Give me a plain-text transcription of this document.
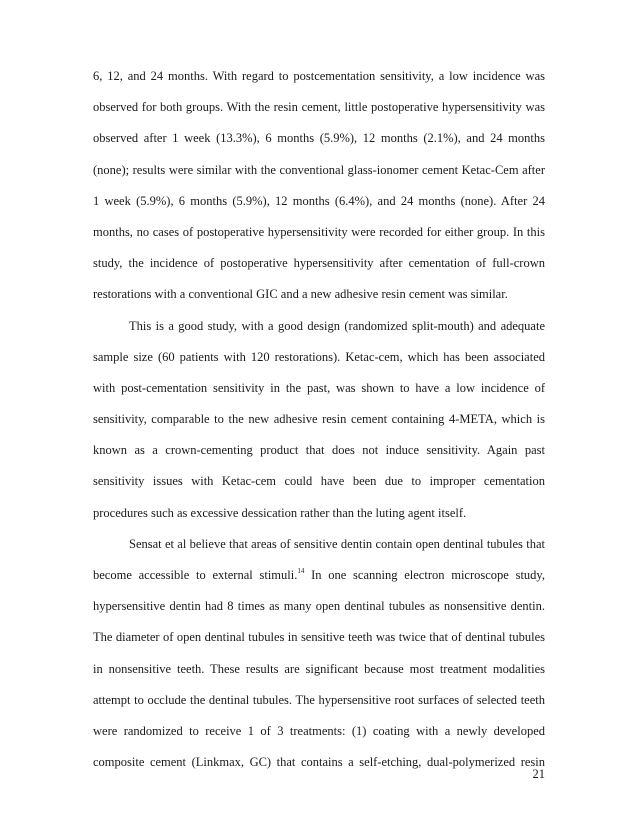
6, 12, and 24 months. With regard to postcementation sensitivity, a low incidence was
observed for both groups. With the resin cement, little postoperative hypersensitivity was
observed after 1 week (13.3%), 6 months (5.9%), 12 months (2.1%), and 24 months
(none); results were similar with the conventional glass-ionomer cement Ketac-Cem after
1 week (5.9%), 6 months (5.9%), 12 months (6.4%), and 24 months (none). After 24
months, no cases of postoperative hypersensitivity were recorded for either group. In this
study, the incidence of postoperative hypersensitivity after cementation of full-crown
restorations with a conventional GIC and a new adhesive resin cement was similar.
This is a good study, with a good design (randomized split-mouth) and adequate
sample size (60 patients with 120 restorations). Ketac-cem, which has been associated
with post-cementation sensitivity in the past, was shown to have a low incidence of
sensitivity, comparable to the new adhesive resin cement containing 4-META, which is
known as a crown-cementing product that does not induce sensitivity. Again past
sensitivity issues with Ketac-cem could have been due to improper cementation
procedures such as excessive dessication rather than the luting agent itself.
Sensat et al believe that areas of sensitive dentin contain open dentinal tubules that
become accessible to external stimuli.$^{14}$ In one scanning electron microscope study,
hypersensitive dentin had 8 times as many open dentinal tubules as nonsensitive dentin.
The diameter of open dentinal tubules in sensitive teeth was twice that of dentinal tubules
in nonsensitive teeth. These results are significant because most treatment modalities
attempt to occlude the dentinal tubules. The hypersensitive root surfaces of selected teeth
were randomized to receive 1 of 3 treatments: (1) coating with a newly developed
composite cement (Linkmax, GC) that contains a self-etching, dual-polymerized resin
21
